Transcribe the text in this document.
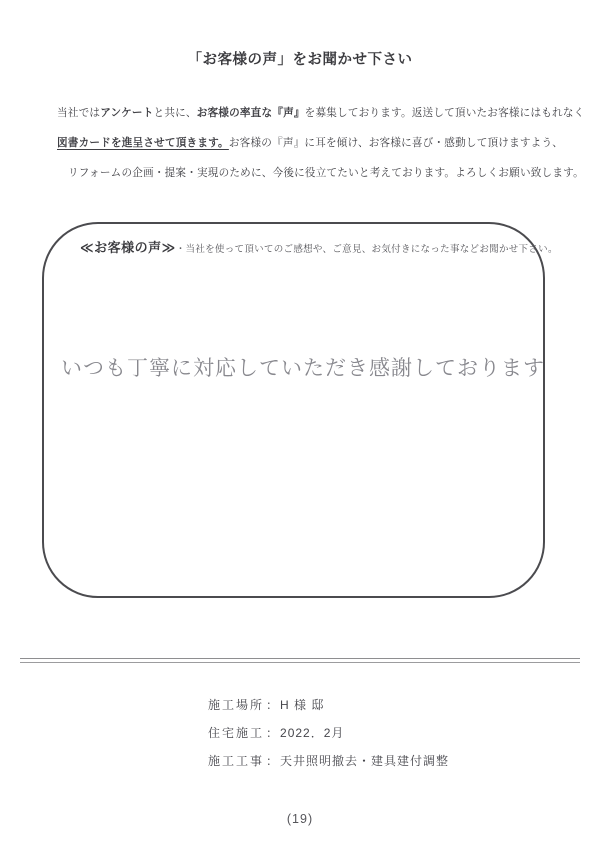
「お客様の声」をお聞かせ下さい
当社ではアンケートと共に、お客様の率直な『声』を募集しております。返送して頂いたお客様にはもれなく
図書カードを進呈させて頂きます。お客様の『声』に耳を傾け、お客様に喜び・感動して頂けますよう、
リフォームの企画・提案・実現のために、今後に役立てたいと考えております。よろしくお願い致します。
≪お客様の声≫・当社を使って頂いてのご感想や、ご意見、お気付きになった事などお聞かせ下さい。
いつも丁寧に対応していただき感謝しております
施工場所 ： H 様 邸
住宅施工 ： 2022．2月
施工工事 ： 天井照明撤去・建具建付調整
(19)
